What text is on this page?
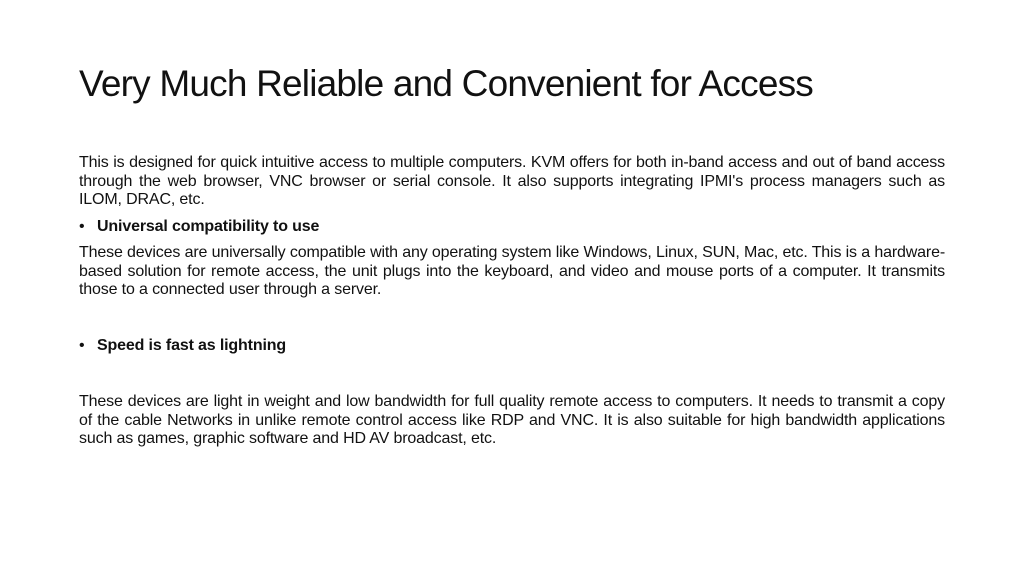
Very Much Reliable and Convenient for Access

This is designed for quick intuitive access to multiple computers. KVM offers for both in-band access and out of band access through the web browser, VNC browser or serial console. It also supports integrating IPMI's process managers such as ILOM, DRAC, etc.

• Universal compatibility to use

These devices are universally compatible with any operating system like Windows, Linux, SUN, Mac, etc. This is a hardware-based solution for remote access, the unit plugs into the keyboard, and video and mouse ports of a computer. It transmits those to a connected user through a server.

• Speed is fast as lightning

These devices are light in weight and low bandwidth for full quality remote access to computers. It needs to transmit a copy of the cable Networks in unlike remote control access like RDP and VNC. It is also suitable for high bandwidth applications such as games, graphic software and HD AV broadcast, etc.
